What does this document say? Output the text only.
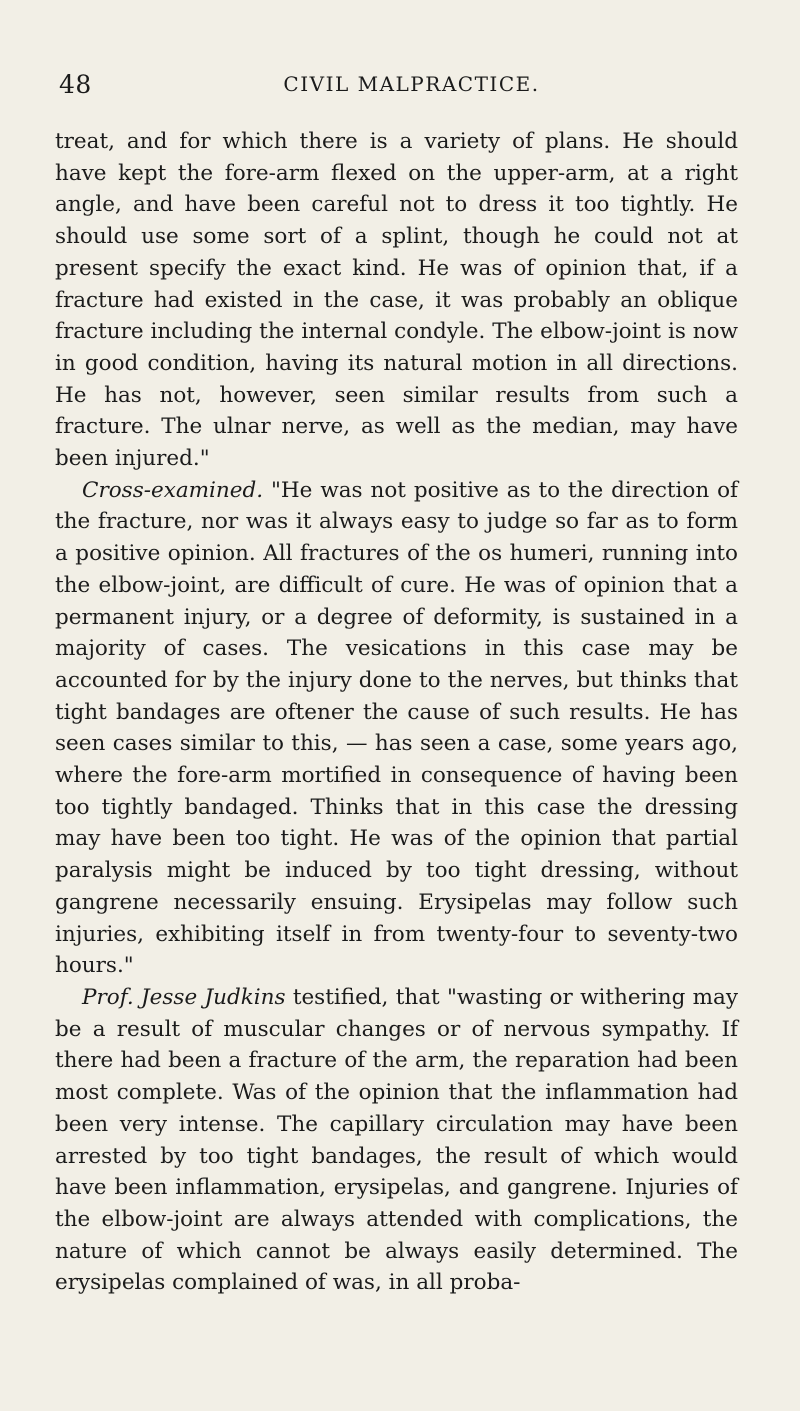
48	CIVIL MALPRACTICE.

treat, and for which there is a variety of plans. He should have kept the fore-arm flexed on the upper-arm, at a right angle, and have been careful not to dress it too tightly. He should use some sort of a splint, though he could not at present specify the exact kind. He was of opinion that, if a fracture had existed in the case, it was probably an oblique fracture including the internal condyle. The elbow-joint is now in good condition, having its natural motion in all directions. He has not, however, seen similar results from such a fracture. The ulnar nerve, as well as the median, may have been injured."

Cross-examined. "He was not positive as to the direction of the fracture, nor was it always easy to judge so far as to form a positive opinion. All fractures of the os humeri, running into the elbow-joint, are difficult of cure. He was of opinion that a permanent injury, or a degree of deformity, is sustained in a majority of cases. The vesications in this case may be accounted for by the injury done to the nerves, but thinks that tight bandages are oftener the cause of such results. He has seen cases similar to this, — has seen a case, some years ago, where the fore-arm mortified in consequence of having been too tightly bandaged. Thinks that in this case the dressing may have been too tight. He was of the opinion that partial paralysis might be induced by too tight dressing, without gangrene necessarily ensuing. Erysipelas may follow such injuries, exhibiting itself in from twenty-four to seventy-two hours."

Prof. Jesse Judkins testified, that "wasting or withering may be a result of muscular changes or of nervous sympathy. If there had been a fracture of the arm, the reparation had been most complete. Was of the opinion that the inflammation had been very intense. The capillary circulation may have been arrested by too tight bandages, the result of which would have been inflammation, erysipelas, and gangrene. Injuries of the elbow-joint are always attended with complications, the nature of which cannot be always easily determined. The erysipelas complained of was, in all proba-
